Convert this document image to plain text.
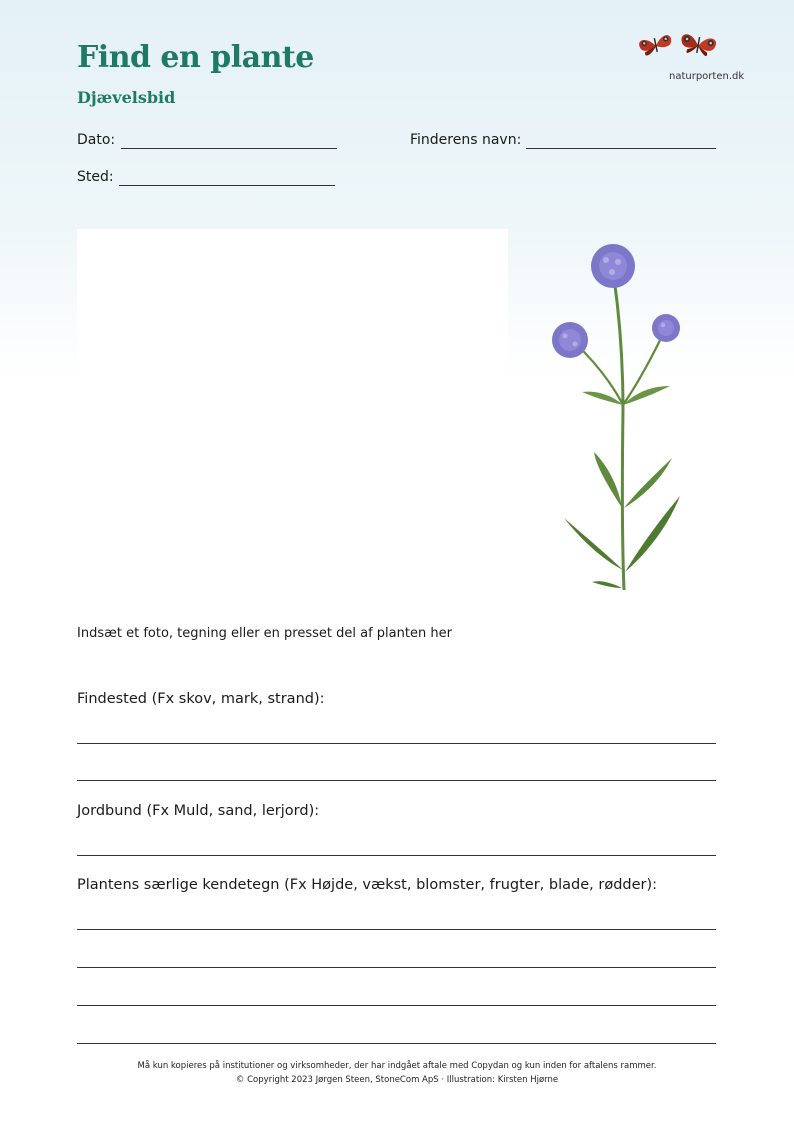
Find en plante
Djævelsbid
naturporten.dk
Dato:	Finderens navn:
Sted:
Indsæt et foto, tegning eller en presset del af planten her
Findested (Fx skov, mark, strand):
Jordbund (Fx Muld, sand, lerjord):
Plantens særlige kendetegn (Fx Højde, vækst, blomster, frugter, blade, rødder):
Må kun kopieres på institutioner og virksomheder, der har indgået aftale med Copydan og kun inden for aftalens rammer.
© Copyright 2023 Jørgen Steen, StoneCom ApS · Illustration: Kirsten Hjørne
